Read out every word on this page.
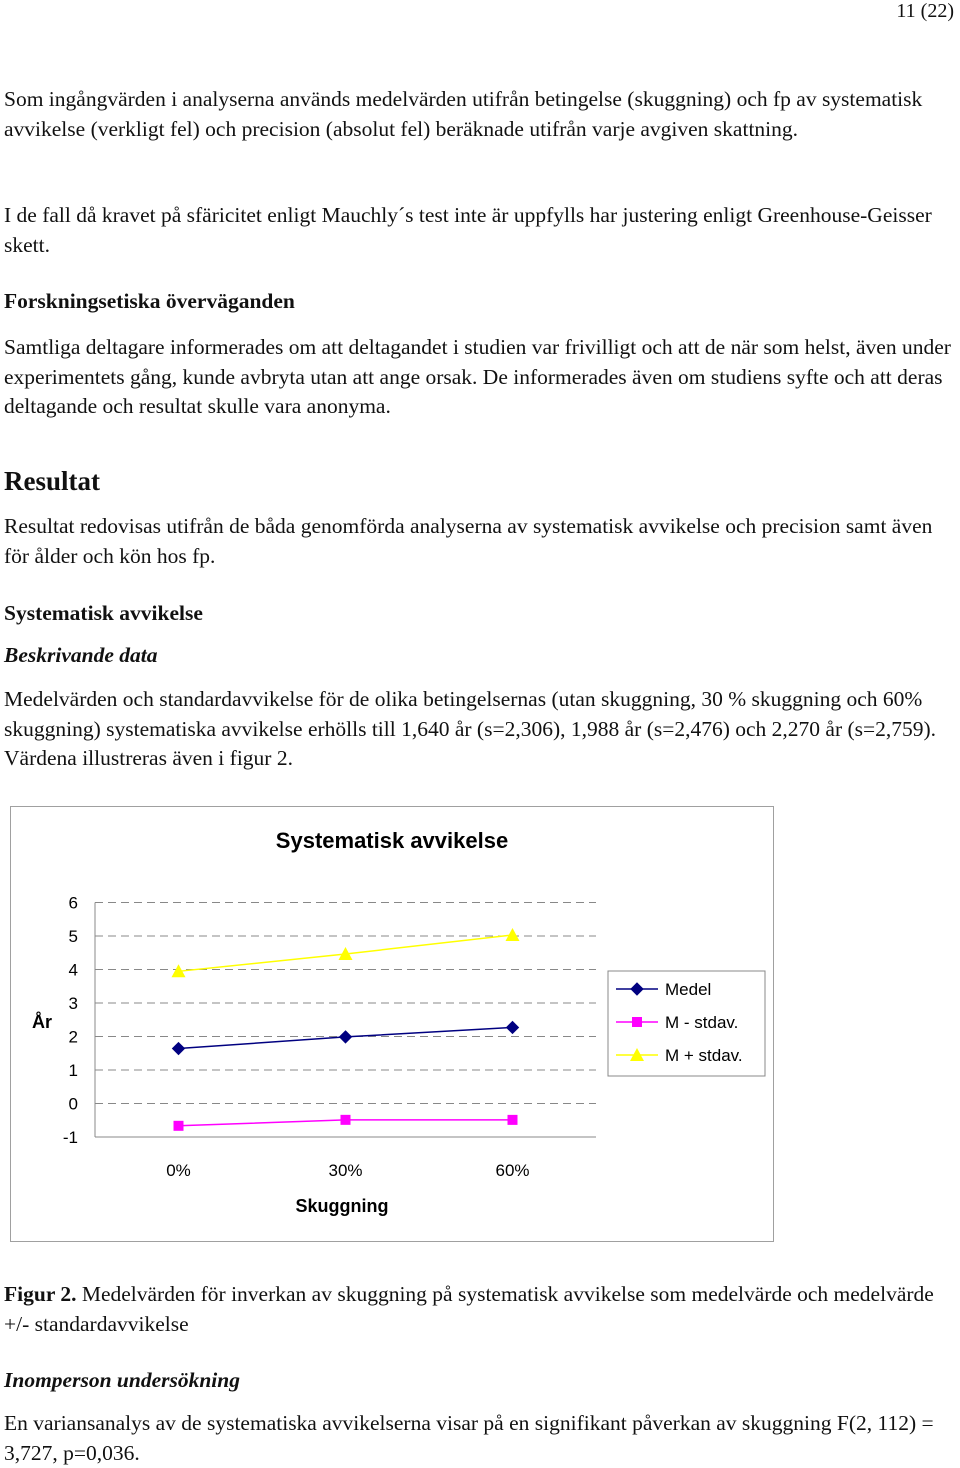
11 (22)

Som ingångvärden i analyserna används medelvärden utifrån betingelse (skuggning) och fp av systematisk avvikelse (verkligt fel) och precision (absolut fel) beräknade utifrån varje avgiven skattning.

I de fall då kravet på sfäricitet enligt Mauchly´s test inte är uppfylls har justering enligt Greenhouse-Geisser skett.

Forskningsetiska överväganden

Samtliga deltagare informerades om att deltagandet i studien var frivilligt och att de när som helst, även under experimentets gång, kunde avbryta utan att ange orsak. De informerades även om studiens syfte och att deras deltagande och resultat skulle vara anonyma.

Resultat

Resultat redovisas utifrån de båda genomförda analyserna av systematisk avvikelse och precision samt även för ålder och kön hos fp.

Systematisk avvikelse
Beskrivande data

Medelvärden och standardavvikelse för de olika betingelsernas (utan skuggning, 30 % skuggning och 60% skuggning) systematiska avvikelse erhölls till 1,640 år (s=2,306), 1,988 år (s=2,476) och 2,270 år (s=2,759). Värdena illustreras även i figur 2.

Systematisk avvikelse
6
5
4
3
2
1
0
-1
0%	30%	60%
År
Skuggning
Medel
M - stdav.
M + stdav.
Figur 2. Medelvärden för inverkan av skuggning på systematisk avvikelse som medelvärde och medelvärde +/- standardavvikelse
Inomperson undersökning

En variansanalys av de systematiska avvikelserna visar på en signifikant påverkan av skuggning F(2, 112) = 3,727, p=0,036.
